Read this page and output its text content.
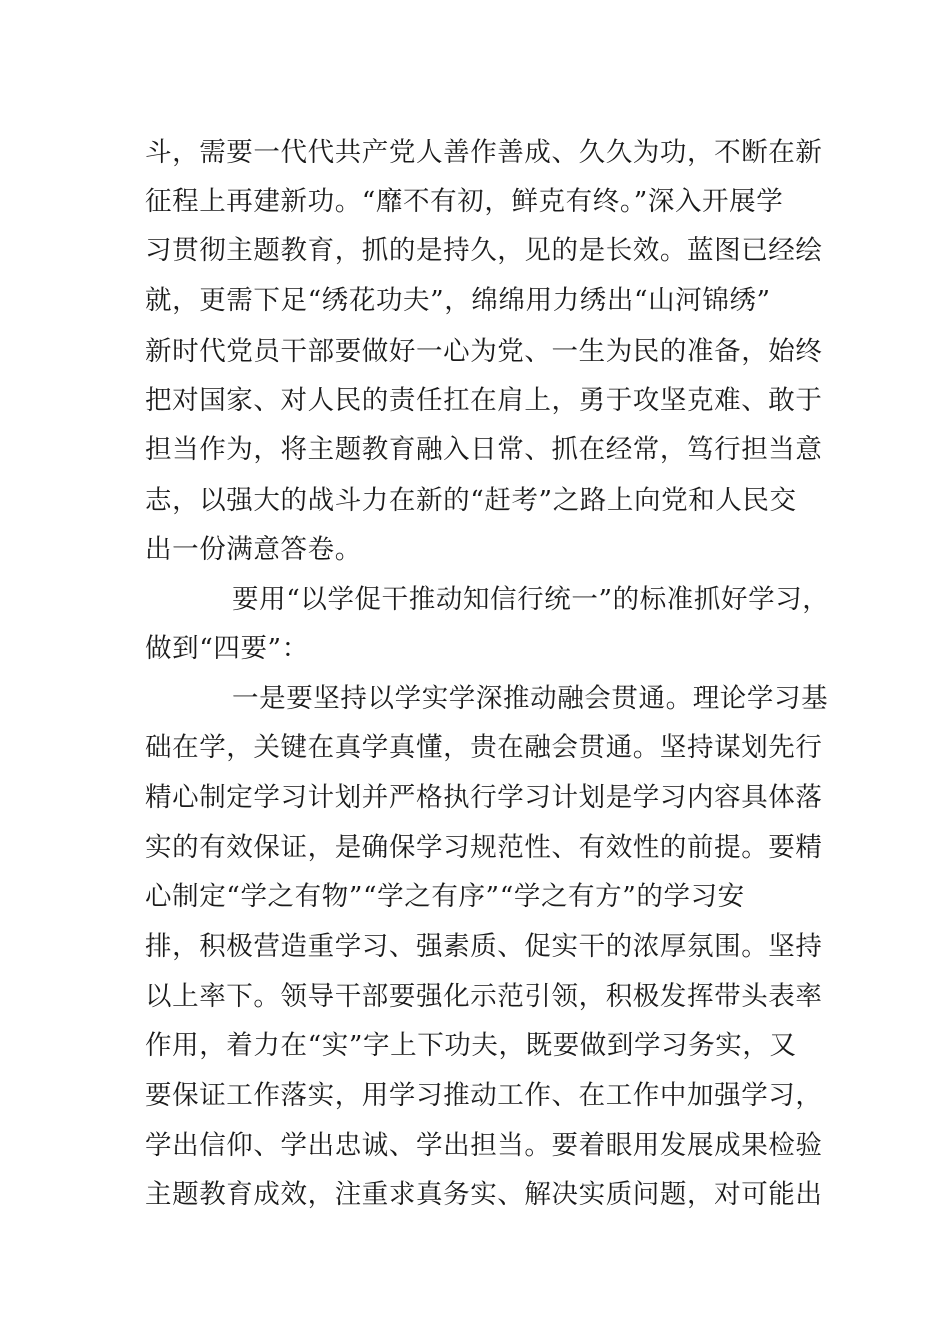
斗，需要一代代共产党人善作善成、久久为功，不断在新
征程上再建新功。“靡不有初，鲜克有终。”深入开展学
习贯彻主题教育，抓的是持久，见的是长效。蓝图已经绘
就，更需下足“绣花功夫”，绵绵用力绣出“山河锦绣”
新时代党员干部要做好一心为党、一生为民的准备，始终
把对国家、对人民的责任扛在肩上，勇于攻坚克难、敢于
担当作为，将主题教育融入日常、抓在经常，笃行担当意
志，以强大的战斗力在新的“赶考”之路上向党和人民交
出一份满意答卷。
要用“以学促干推动知信行统一”的标准抓好学习，
做到“四要”：
一是要坚持以学实学深推动融会贯通。理论学习基
础在学，关键在真学真懂，贵在融会贯通。坚持谋划先行
精心制定学习计划并严格执行学习计划是学习内容具体落
实的有效保证，是确保学习规范性、有效性的前提。要精
心制定“学之有物”“学之有序”“学之有方”的学习安
排，积极营造重学习、强素质、促实干的浓厚氛围。坚持
以上率下。领导干部要强化示范引领，积极发挥带头表率
作用，着力在“实”字上下功夫，既要做到学习务实，又
要保证工作落实，用学习推动工作、在工作中加强学习，
学出信仰、学出忠诚、学出担当。要着眼用发展成果检验
主题教育成效，注重求真务实、解决实质问题，对可能出
